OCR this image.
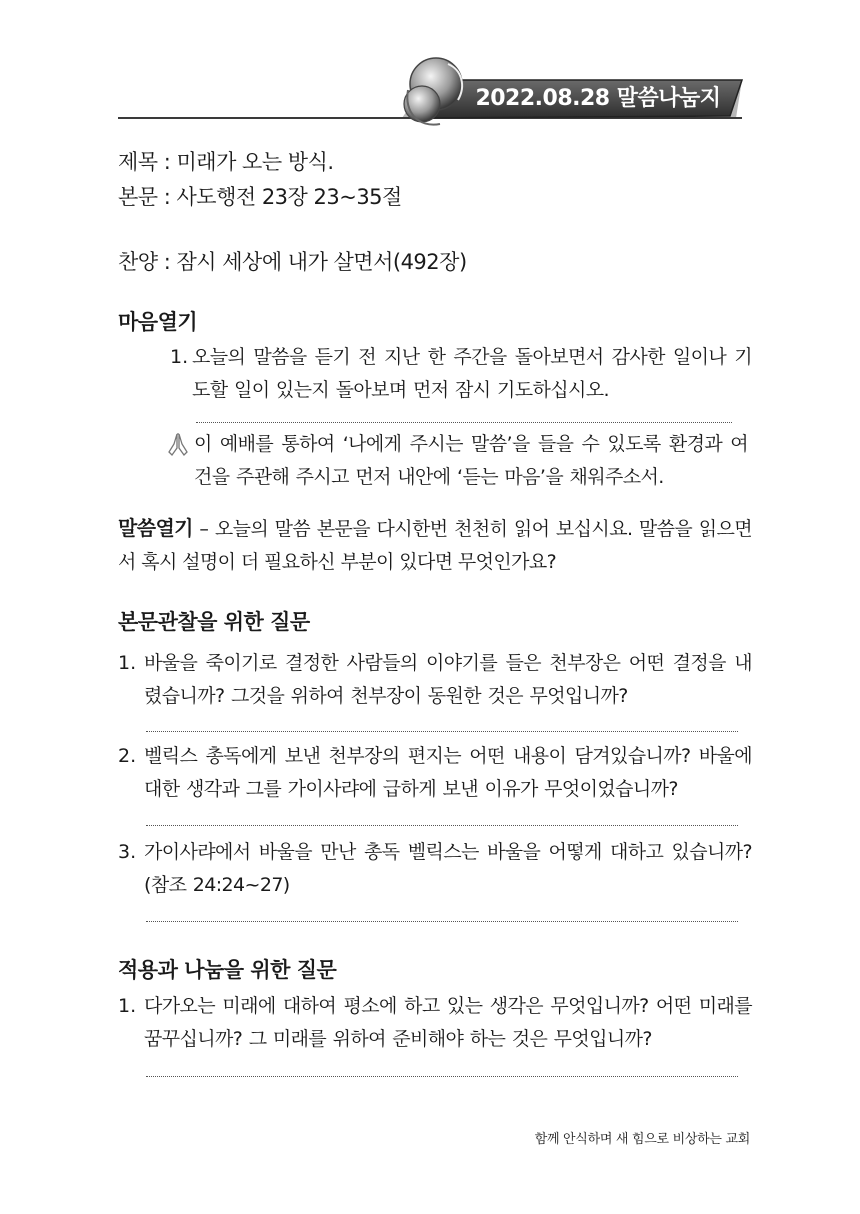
2022.08.28 말씀나눔지
제목 : 미래가 오는 방식.
본문 : 사도행전 23장 23~35절
찬양 : 잠시 세상에 내가 살면서(492장)
마음열기
1. 오늘의 말씀을 듣기 전 지난 한 주간을 돌아보면서 감사한 일이나 기도할 일이 있는지 돌아보며 먼저 잠시 기도하십시오.
이 예배를 통하여 ‘나에게 주시는 말씀’을 들을 수 있도록 환경과 여건을 주관해 주시고 먼저 내안에 ‘듣는 마음’을 채워주소서.
말씀열기 – 오늘의 말씀 본문을 다시한번 천천히 읽어 보십시요. 말씀을 읽으면서 혹시 설명이 더 필요하신 부분이 있다면 무엇인가요?
본문관찰을 위한 질문
1. 바울을 죽이기로 결정한 사람들의 이야기를 들은 천부장은 어떤 결정을 내렸습니까? 그것을 위하여 천부장이 동원한 것은 무엇입니까?
2. 벨릭스 총독에게 보낸 천부장의 편지는 어떤 내용이 담겨있습니까? 바울에 대한 생각과 그를 가이사랴에 급하게 보낸 이유가 무엇이었습니까?
3. 가이사랴에서 바울을 만난 총독 벨릭스는 바울을 어떻게 대하고 있습니까? (참조 24:24~27)
적용과 나눔을 위한 질문
1. 다가오는 미래에 대하여 평소에 하고 있는 생각은 무엇입니까? 어떤 미래를 꿈꾸십니까? 그 미래를 위하여 준비해야 하는 것은 무엇입니까?
함께 안식하며 새 힘으로 비상하는 교회
